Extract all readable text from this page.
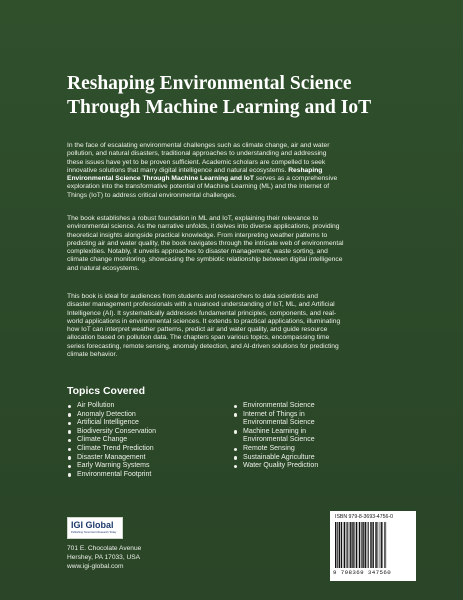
Reshaping Environmental Science
Through Machine Learning and IoT

In the face of escalating environmental challenges such as climate change, air and water
pollution, and natural disasters, traditional approaches to understanding and addressing
these issues have yet to be proven sufficient. Academic scholars are compelled to seek
innovative solutions that marry digital intelligence and natural ecosystems. Reshaping
Environmental Science Through Machine Learning and IoT serves as a comprehensive
exploration into the transformative potential of Machine Learning (ML) and the Internet of
Things (IoT) to address critical environmental challenges.

The book establishes a robust foundation in ML and IoT, explaining their relevance to
environmental science. As the narrative unfolds, it delves into diverse applications, providing
theoretical insights alongside practical knowledge. From interpreting weather patterns to
predicting air and water quality, the book navigates through the intricate web of environmental
complexities. Notably, it unveils approaches to disaster management, waste sorting, and
climate change monitoring, showcasing the symbiotic relationship between digital intelligence
and natural ecosystems.

This book is ideal for audiences from students and researchers to data scientists and
disaster management professionals with a nuanced understanding of IoT, ML, and Artificial
Intelligence (AI). It systematically addresses fundamental principles, components, and real-
world applications in environmental sciences. It extends to practical applications, illuminating
how IoT can interpret weather patterns, predict air and water quality, and guide resource
allocation based on pollution data. The chapters span various topics, encompassing time
series forecasting, remote sensing, anomaly detection, and AI-driven solutions for predicting
climate behavior.

Topics Covered
Air Pollution
Anomaly Detection
Artificial Intelligence
Biodiversity Conservation
Climate Change
Climate Trend Prediction
Disaster Management
Early Warning Systems
Environmental Footprint
Environmental Science
Internet of Things in
Environmental Science
Machine Learning in
Environmental Science
Remote Sensing
Sustainable Agriculture
Water Quality Prediction
IGI Global
Publishing Tomorrow's Research Today
701 E. Chocolate Avenue
Hershey, PA 17033, USA
www.igi-global.com
ISBN 979-8-3693-4756-0
9 798369 347560
